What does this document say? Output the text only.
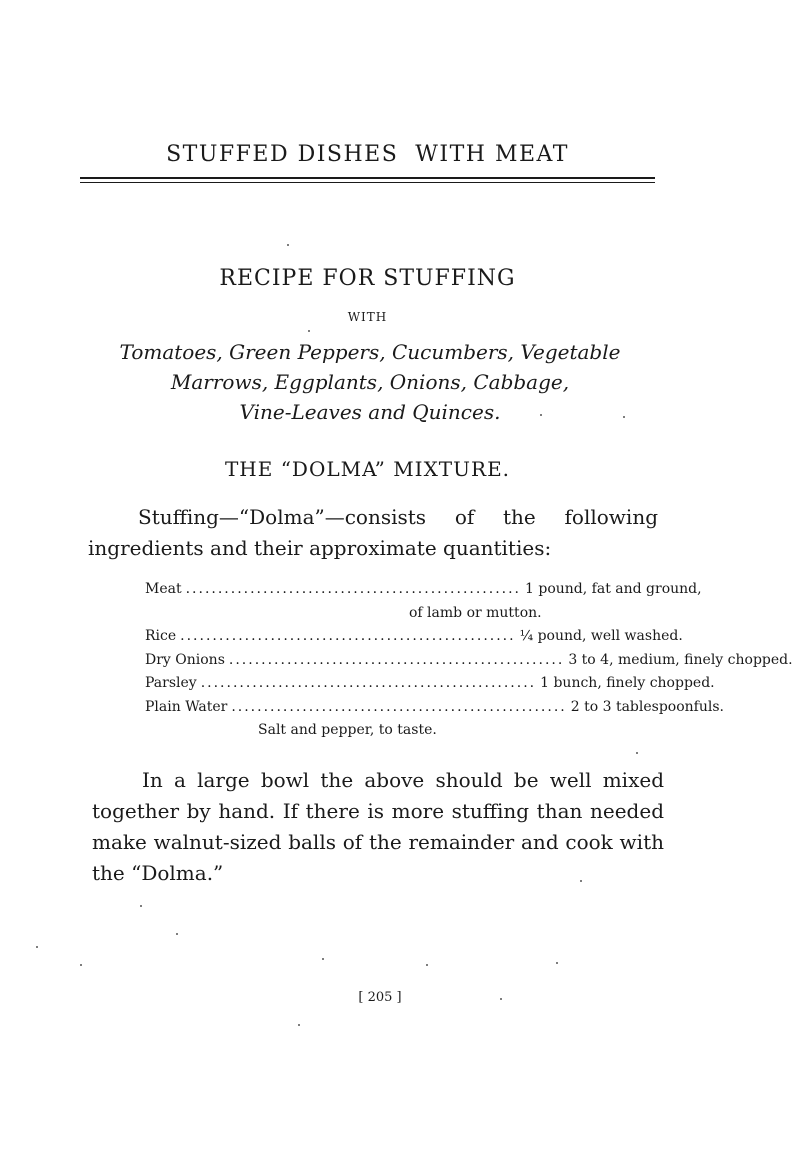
STUFFED DISHES  WITH MEAT
RECIPE FOR STUFFING
WITH
Tomatoes, Green Peppers, Cucumbers, Vegetable
Marrows, Eggplants, Onions, Cabbage,
Vine-Leaves and Quinces.
THE “DOLMA” MIXTURE.

Stuffing—“Dolma”—consists of the following ingredients and their approximate quantities:

Meat .................................................... 1 pound, fat and ground,
of lamb or mutton.
Rice .................................................... ¼ pound, well washed.
Dry Onions .................................................... 3 to 4, medium, finely chopped.
Parsley .................................................... 1 bunch, finely chopped.
Plain Water .................................................... 2 to 3 tablespoonfuls.
Salt and pepper, to taste.

In a large bowl the above should be well mixed together by hand. If there is more stuffing than needed make walnut-sized balls of the remainder and cook with the “Dolma.”

[ 205 ]
